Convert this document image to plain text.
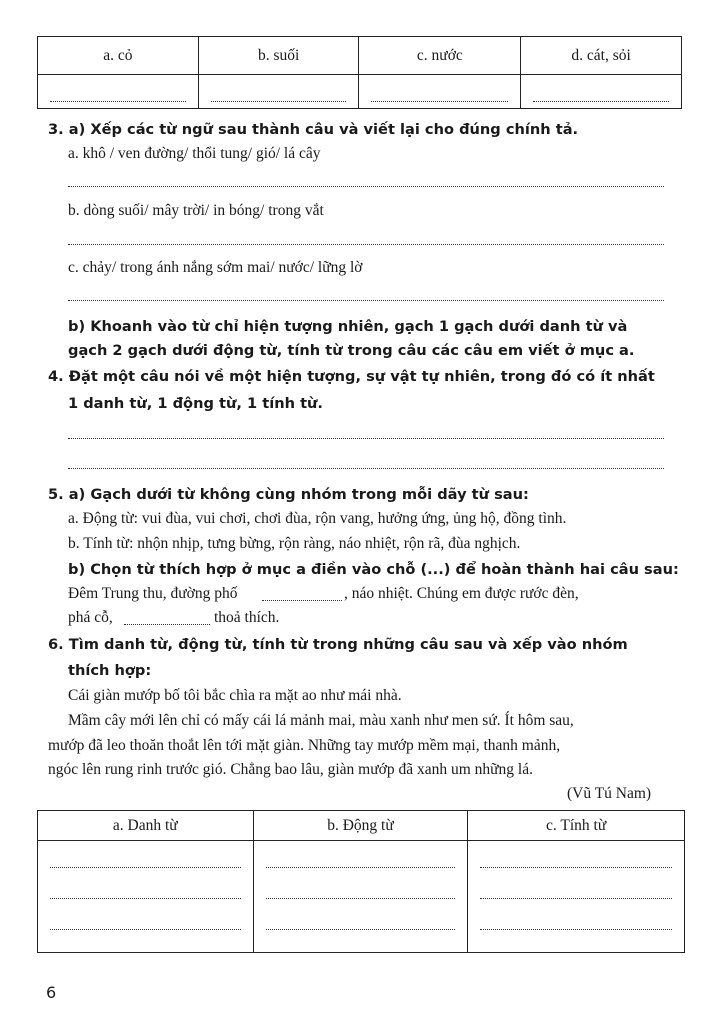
a. cỏ	b. suối	c. nước	d. cát, sỏi

3. a) Xếp các từ ngữ sau thành câu và viết lại cho đúng chính tả.
a. khô / ven đường/ thổi tung/ gió/ lá cây
b. dòng suối/ mây trời/ in bóng/ trong vắt
c. chảy/ trong ánh nắng sớm mai/ nước/ lững lờ
b) Khoanh vào từ chỉ hiện tượng nhiên, gạch 1 gạch dưới danh từ và
gạch 2 gạch dưới động từ, tính từ trong câu các câu em viết ở mục a.
4. Đặt một câu nói về một hiện tượng, sự vật tự nhiên, trong đó có ít nhất
1 danh từ, 1 động từ, 1 tính từ.
5. a) Gạch dưới từ không cùng nhóm trong mỗi dãy từ sau:
a. Động từ: vui đùa, vui chơi, chơi đùa, rộn vang, hưởng ứng, ủng hộ, đồng tình.
b. Tính từ: nhộn nhịp, tưng bừng, rộn ràng, náo nhiệt, rộn rã, đùa nghịch.
b) Chọn từ thích hợp ở mục a điền vào chỗ (...) để hoàn thành hai câu sau:
Đêm Trung thu, đường phố	, náo nhiệt. Chúng em được rước đèn,
phá cỗ,	thoả thích.
6. Tìm danh từ, động từ, tính từ trong những câu sau và xếp vào nhóm
thích hợp:
Cái giàn mướp bố tôi bắc chìa ra mặt ao như mái nhà.
Mầm cây mới lên chỉ có mấy cái lá mảnh mai, màu xanh như men sứ. Ít hôm sau,
mướp đã leo thoăn thoắt lên tới mặt giàn. Những tay mướp mềm mại, thanh mảnh,
ngóc lên rung rinh trước gió. Chẳng bao lâu, giàn mướp đã xanh um những lá.
(Vũ Tú Nam)
a. Danh từ	b. Động từ	c. Tính từ

6
